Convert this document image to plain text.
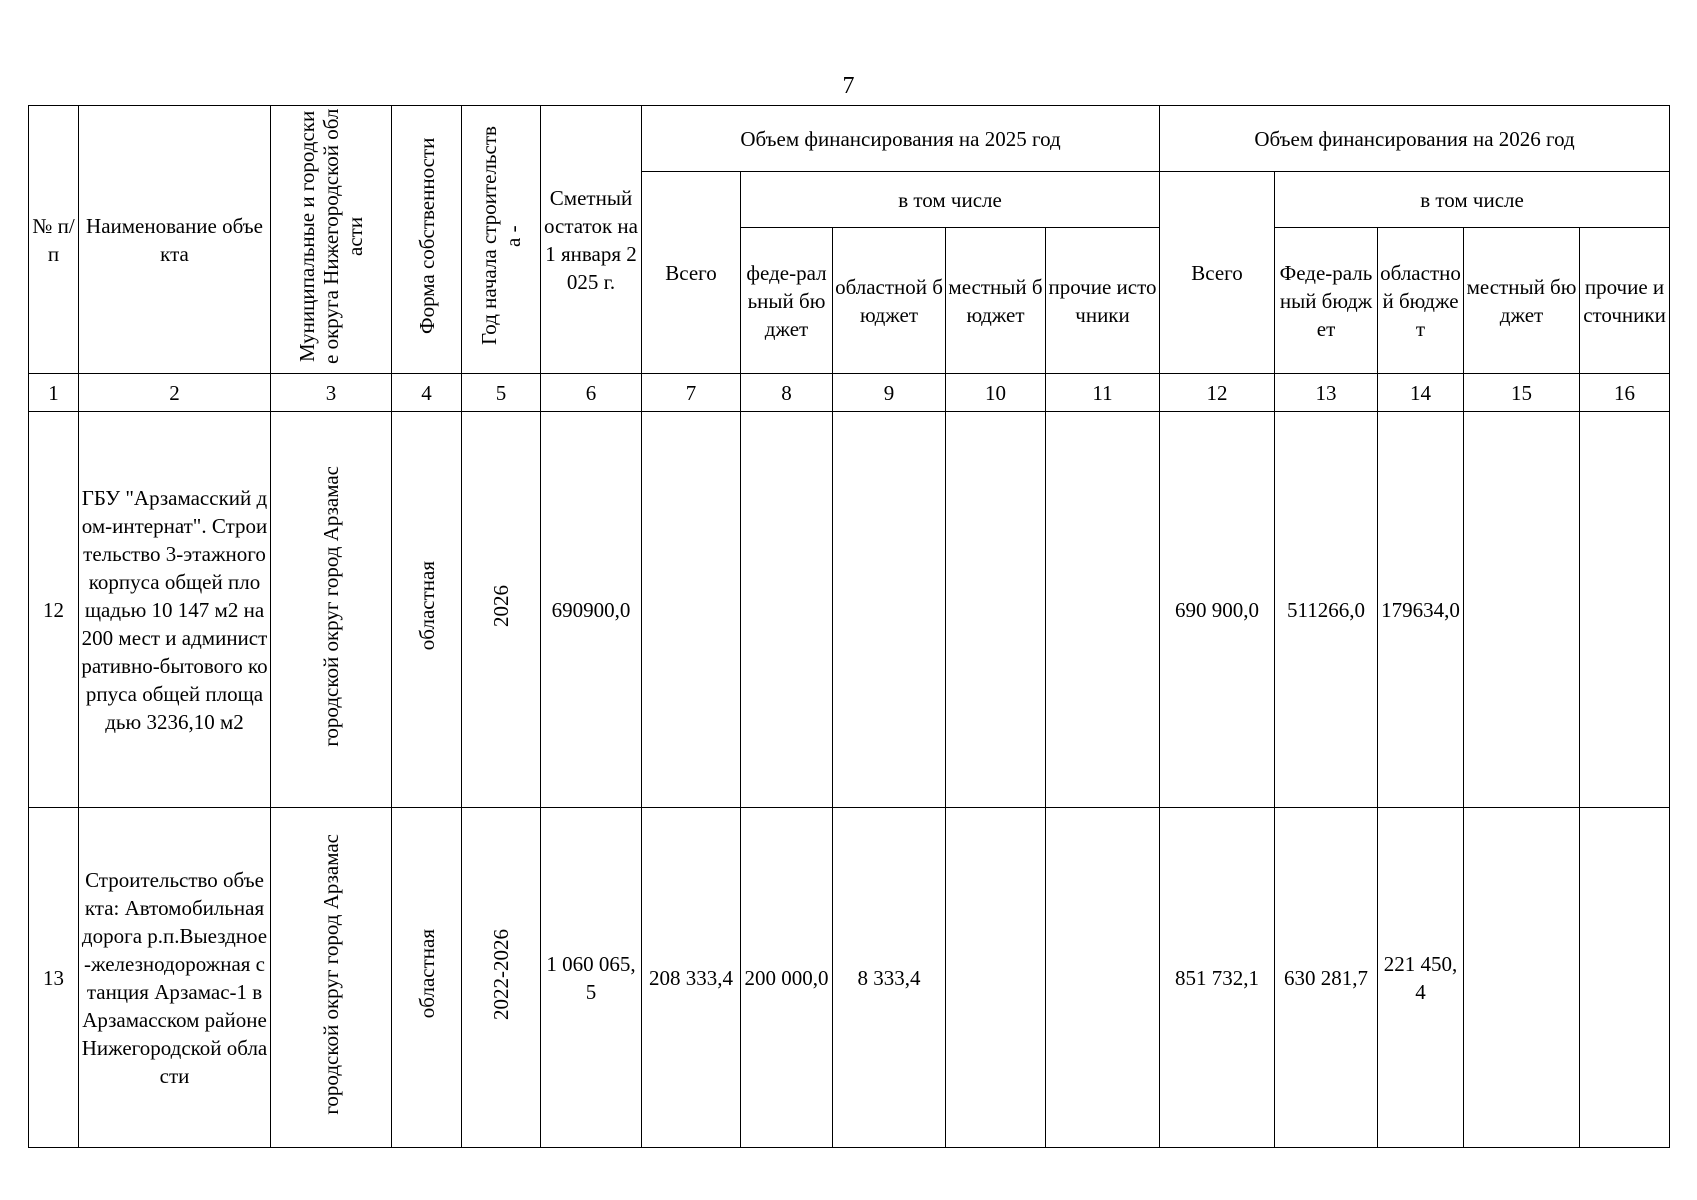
7
№ п/п	Наименование объекта	Муниципальные и городские округа Нижегородской области	Форма собственности	Год начала строительства -	Сметный остаток на 1 января 2025 г.	Объем финансирования на 2025 год					Объем финансирования на 2026 год				
						Всего	в том числе				Всего	в том числе			
							феде-ральный бюджет	областной бюджет	местный бюджет	прочие источники		Феде-ральный бюджет	областной бюджет	местный бюджет	прочие источники
1	2	3	4	5	6	7	8	9	10	11	12	13	14	15	16
12	ГБУ "Арзамасский дом-интернат". Строительство 3-этажного корпуса общей площадью 10 147 м2 на 200 мест и административно-бытового корпуса общей площадью 3236,10 м2	городской округ город Арзамас	областная	2026	690900,0						690 900,0	511266,0	179634,0		
13	Строительство объекта: Автомобильная дорога р.п.Выездное-железнодорожная станция Арзамас-1 в Арзамасском районе Нижегородской области	городской округ город Арзамас	областная	2022-2026	1 060 065,5	208 333,4	200 000,0	8 333,4			851 732,1	630 281,7	221 450,4		
